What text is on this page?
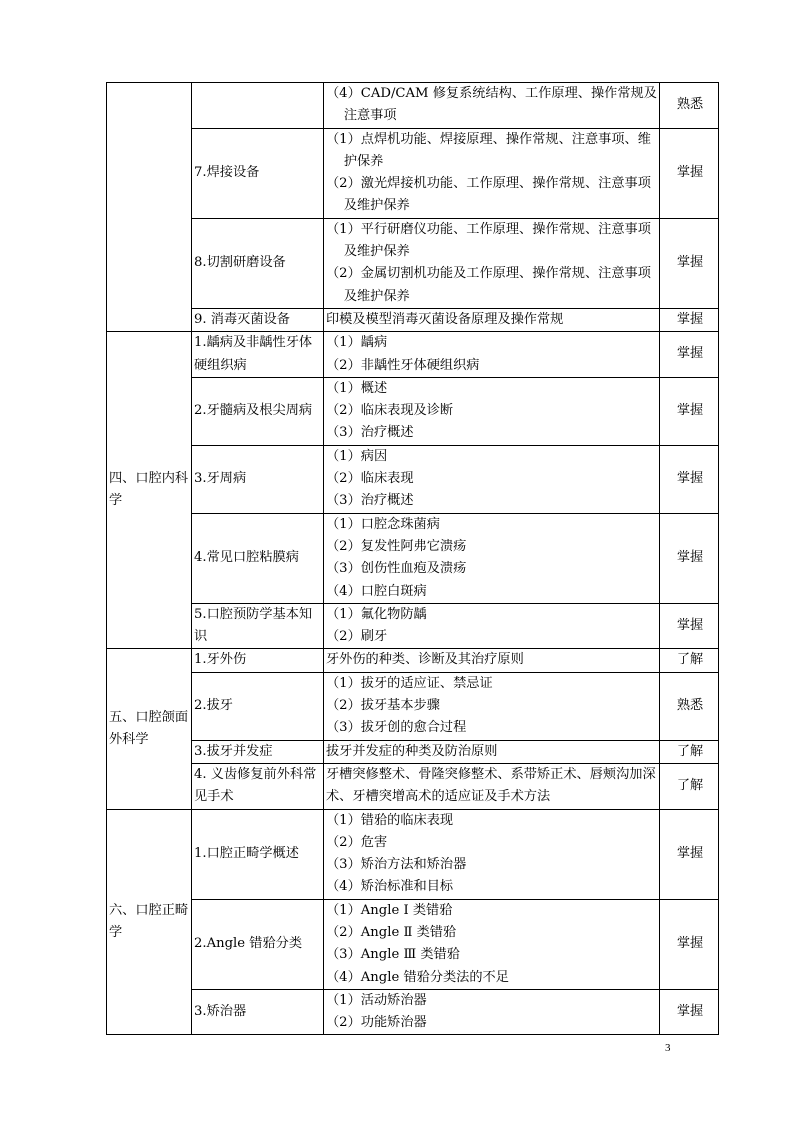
		（4）CAD/CAM 修复系统结构、工作原理、操作常规及注意事项	熟悉
	7.焊接设备	（1）点焊机功能、焊接原理、操作常规、注意事项、维护保养
（2）激光焊接机功能、工作原理、操作常规、注意事项及维护保养	掌握
	8.切割研磨设备	（1）平行研磨仪功能、工作原理、操作常规、注意事项及维护保养
（2）金属切割机功能及工作原理、操作常规、注意事项及维护保养	掌握
	9. 消毒灭菌设备	印模及模型消毒灭菌设备原理及操作常规	掌握
四、口腔内科学	1.龋病及非龋性牙体硬组织病	（1）龋病
（2）非龋性牙体硬组织病	掌握
	2.牙髓病及根尖周病	（1）概述
（2）临床表现及诊断
（3）治疗概述	掌握
	3.牙周病	（1）病因
（2）临床表现
（3）治疗概述	掌握
	4.常见口腔粘膜病	（1）口腔念珠菌病
（2）复发性阿弗它溃疡
（3）创伤性血疱及溃疡
（4）口腔白斑病	掌握
	5.口腔预防学基本知识	（1）氟化物防龋
（2）刷牙	掌握
五、口腔颌面外科学	1.牙外伤	牙外伤的种类、诊断及其治疗原则	了解
	2.拔牙	（1）拔牙的适应证、禁忌证
（2）拔牙基本步骤
（3）拔牙创的愈合过程	熟悉
	3.拔牙并发症	拔牙并发症的种类及防治原则	了解
	4. 义齿修复前外科常见手术	牙槽突修整术、骨隆突修整术、系带矫正术、唇颊沟加深术、牙槽突增高术的适应证及手术方法	了解
六、口腔正畸学	1.口腔正畸学概述	（1）错𬌗的临床表现
（2）危害
（3）矫治方法和矫治器
（4）矫治标准和目标	掌握
	2.Angle 错𬌗分类	（1）Angle Ⅰ 类错𬌗
（2）Angle Ⅱ 类错𬌗
（3）Angle Ⅲ 类错𬌗
（4）Angle 错𬌗分类法的不足	掌握
	3.矫治器	（1）活动矫治器
（2）功能矫治器	掌握
3
